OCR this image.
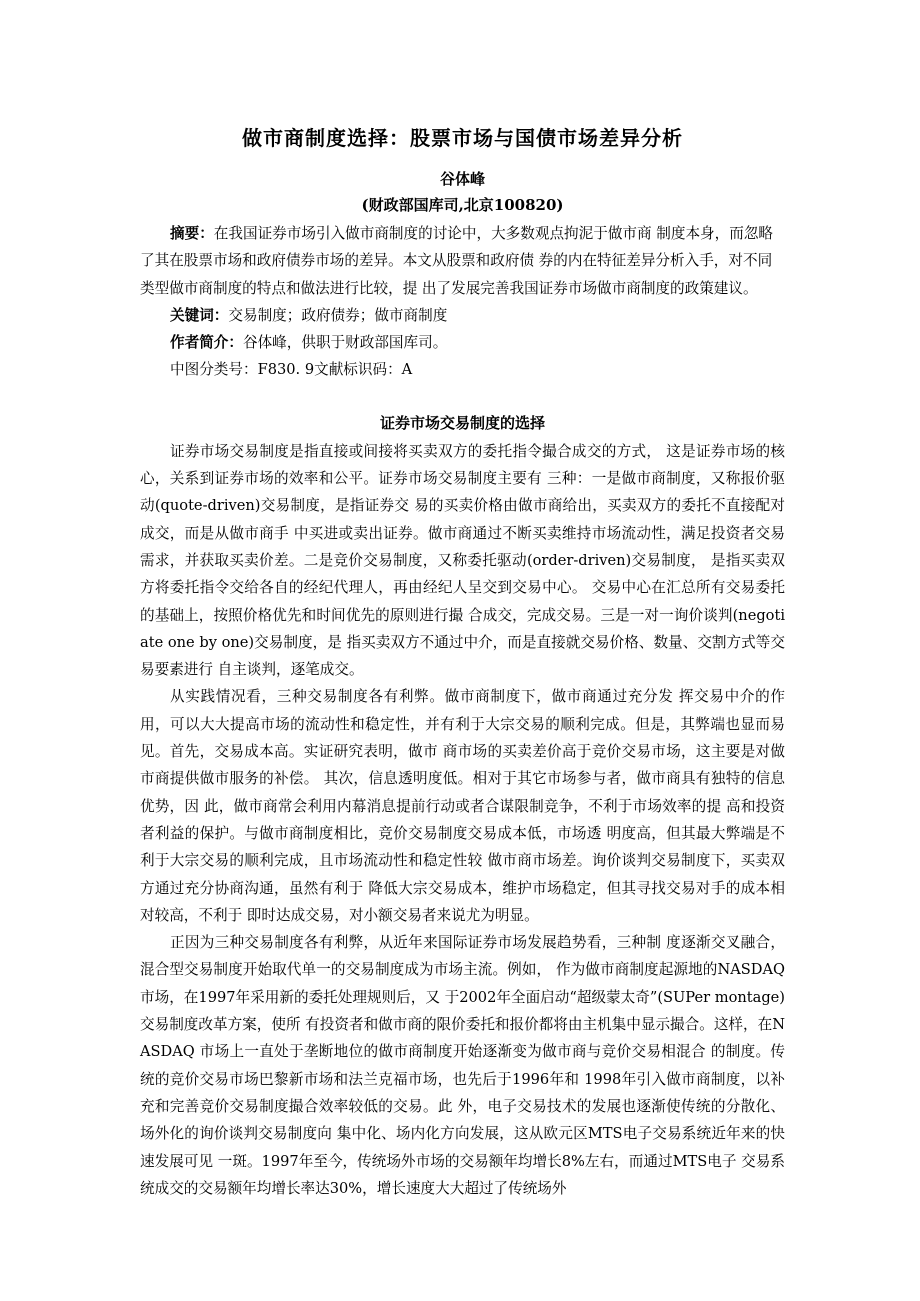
做市商制度选择：股票市场与国债市场差异分析

谷体峰

(财政部国库司,北京100820)

摘要：在我国证券市场引入做市商制度的讨论中，大多数观点拘泥于做市商 制度本身，而忽略了其在股票市场和政府债券市场的差异。本文从股票和政府债 券的内在特征差异分析入手，对不同类型做市商制度的特点和做法进行比较，提 出了发展完善我国证券市场做市商制度的政策建议。

关键词：交易制度；政府债券；做市商制度

作者简介：谷体峰，供职于财政部国库司。

中图分类号：F830. 9文献标识码：A

证券市场交易制度的选择

证券市场交易制度是指直接或间接将买卖双方的委托指令撮合成交的方式， 这是证券市场的核心，关系到证券市场的效率和公平。证券市场交易制度主要有 三种：一是做市商制度，又称报价驱动(quote-driven)交易制度，是指证券交 易的买卖价格由做市商给出，买卖双方的委托不直接配对成交，而是从做市商手 中买进或卖出证券。做市商通过不断买卖维持市场流动性，满足投资者交易需求，并获取买卖价差。二是竞价交易制度，又称委托驱动(order-driven)交易制度， 是指买卖双方将委托指令交给各自的经纪代理人，再由经纪人呈交到交易中心。 交易中心在汇总所有交易委托的基础上，按照价格优先和时间优先的原则进行撮 合成交，完成交易。三是一对一询价谈判(negotiate one by one)交易制度，是 指买卖双方不通过中介，而是直接就交易价格、数量、交割方式等交易要素进行 自主谈判，逐笔成交。

从实践情况看，三种交易制度各有利弊。做市商制度下，做市商通过充分发 挥交易中介的作用，可以大大提高市场的流动性和稳定性，并有利于大宗交易的顺利完成。但是，其弊端也显而易见。首先，交易成本高。实证研究表明，做市 商市场的买卖差价高于竞价交易市场，这主要是对做市商提供做市服务的补偿。 其次，信息透明度低。相对于其它市场参与者，做市商具有独特的信息优势，因 此，做市商常会利用内幕消息提前行动或者合谋限制竞争，不利于市场效率的提 高和投资者利益的保护。与做市商制度相比，竞价交易制度交易成本低，市场透 明度高，但其最大弊端是不利于大宗交易的顺利完成，且市场流动性和稳定性较 做市商市场差。询价谈判交易制度下，买卖双方通过充分协商沟通，虽然有利于 降低大宗交易成本，维护市场稳定，但其寻找交易对手的成本相对较高，不利于 即时达成交易，对小额交易者来说尤为明显。

正因为三种交易制度各有利弊，从近年来国际证券市场发展趋势看，三种制 度逐渐交叉融合，混合型交易制度开始取代单一的交易制度成为市场主流。例如， 作为做市商制度起源地的NASDAQ市场，在1997年采用新的委托处理规则后，又 于2002年全面启动“超级蒙太奇”(SUPer montage)交易制度改革方案，使所 有投资者和做市商的限价委托和报价都将由主机集中显示撮合。这样，在NASDAQ 市场上一直处于垄断地位的做市商制度开始逐渐变为做市商与竞价交易相混合 的制度。传统的竞价交易市场巴黎新市场和法兰克福市场，也先后于1996年和 1998年引入做市商制度，以补充和完善竞价交易制度撮合效率较低的交易。此 外，电子交易技术的发展也逐渐使传统的分散化、场外化的询价谈判交易制度向 集中化、场内化方向发展，这从欧元区MTS电子交易系统近年来的快速发展可见 一斑。1997年至今，传统场外市场的交易额年均增长8%左右，而通过MTS电子 交易系统成交的交易额年均增长率达30%，增长速度大大超过了传统场外
